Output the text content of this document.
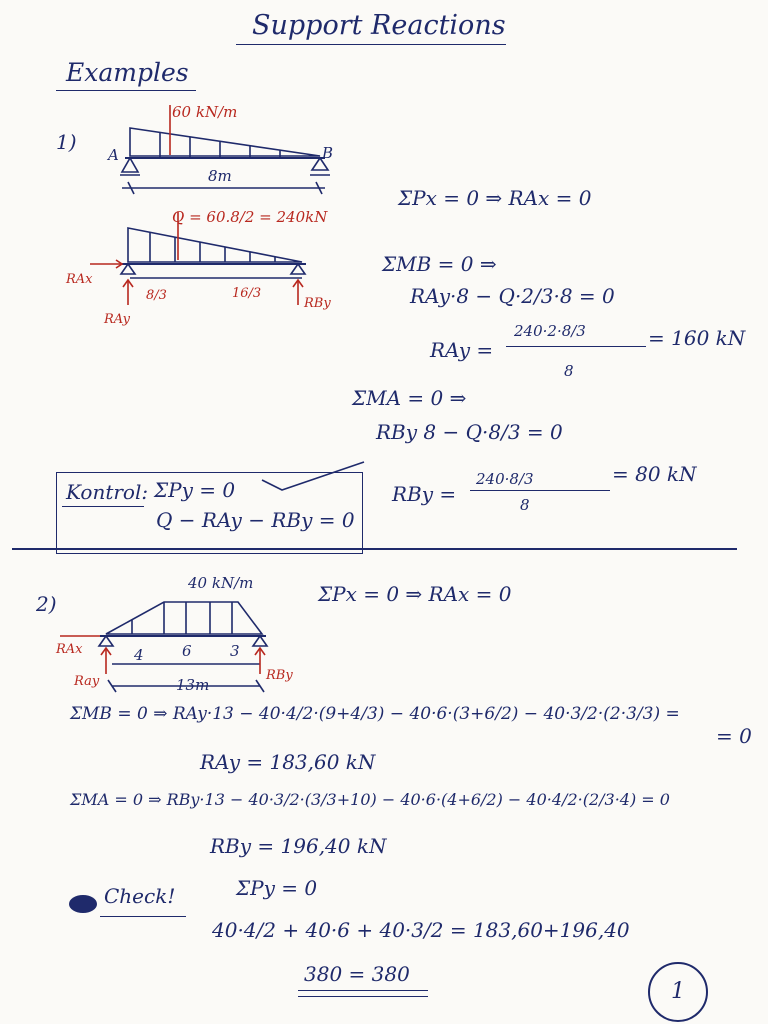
Support Reactions
Examples
1)
60 kN/m
A	B
8m
Q = 60.8/2 = 240kN
ΣPx = 0 ⇒ RAx = 0
RAx
RAy
RBy
8/3	16/3
ΣMB = 0 ⇒
RAy·8 − Q·2/3·8 = 0
RAy =
240·2·8/3
8
= 160 kN
ΣMA = 0 ⇒
RBy 8 − Q·8/3 = 0
RBy =
240·8/3
8
= 80 kN
Kontrol: ΣPy = 0
Q − RAy − RBy = 0
2)	ΣPx = 0 ⇒ RAx = 0
40 kN/m
RAx
Ray	RBy
4	6	3
13m
ΣMB = 0 ⇒ RAy·13 − 40·4/2·(9+4/3) − 40·6·(3+6/2) − 40·3/2·(2·3/3) =
= 0
RAy = 183,60 kN
ΣMA = 0 ⇒ RBy·13 − 40·3/2·(3/3+10) − 40·6·(4+6/2) − 40·4/2·(2/3·4) = 0
RBy = 196,40 kN
Check!	ΣPy = 0
40·4/2 + 40·6 + 40·3/2 = 183,60+196,40
380 = 380
1
